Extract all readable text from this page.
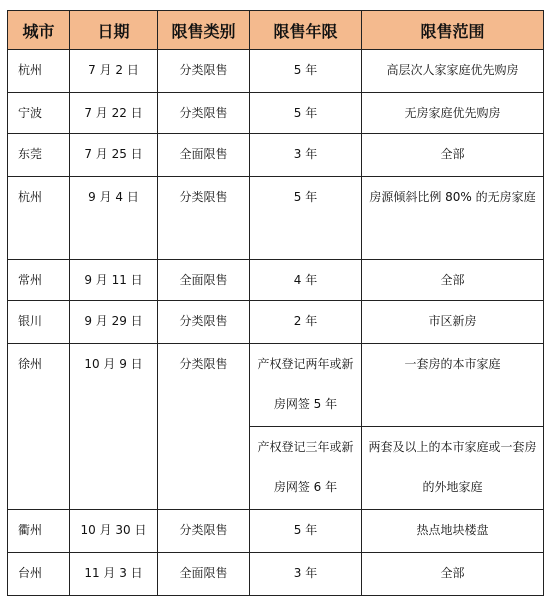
城市	日期	限售类别	限售年限	限售范围
杭州	7 月 2 日	分类限售	5 年	高层次人家家庭优先购房
宁波	7 月 22 日	分类限售	5 年	无房家庭优先购房
东莞	7 月 25 日	全面限售	3 年	全部
杭州	9 月 4 日	分类限售	5 年	房源倾斜比例 80% 的无房家庭
常州	9 月 11 日	全面限售	4 年	全部
银川	9 月 29 日	分类限售	2 年	市区新房
徐州	10 月 9 日	分类限售	产权登记两年或新房网签 5 年	一套房的本市家庭
			产权登记三年或新房网签 6 年	两套及以上的本市家庭或一套房的外地家庭
衢州	10 月 30 日	分类限售	5 年	热点地块楼盘
台州	11 月 3 日	全面限售	3 年	全部
